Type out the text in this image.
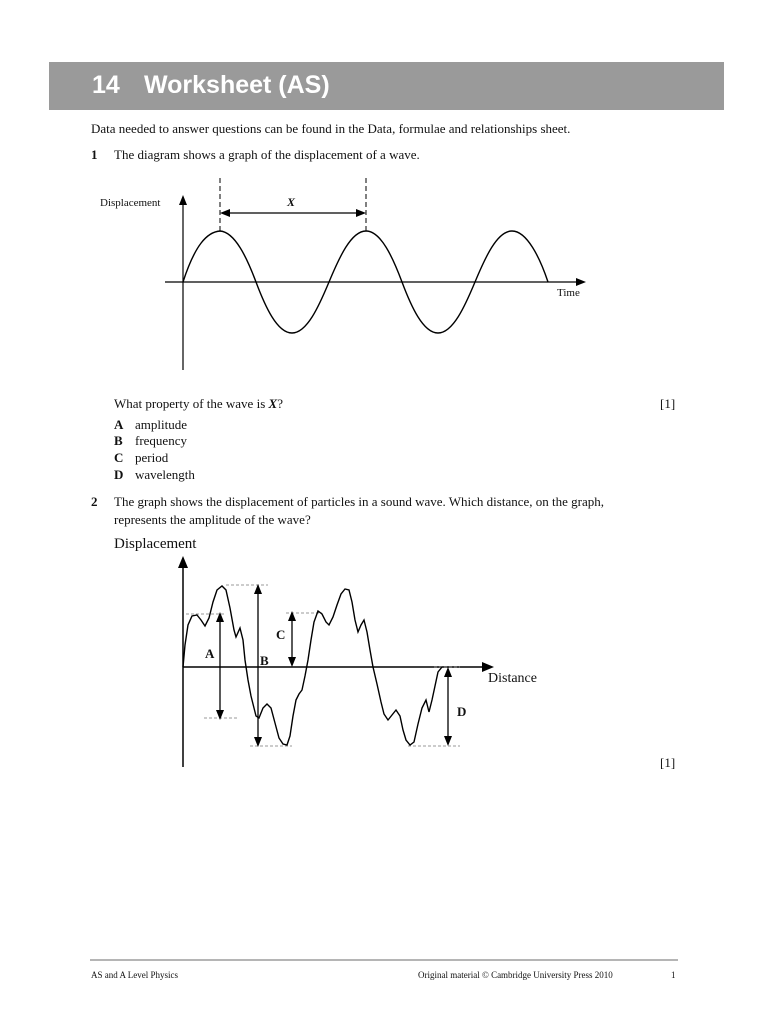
14 Worksheet (AS)
Data needed to answer questions can be found in the Data, formulae and relationships sheet.
1 The diagram shows a graph of the displacement of a wave.
Displacement
Time
X
What property of the wave is X?	[1]
A amplitude
B frequency
C period
D wavelength
2 The graph shows the displacement of particles in a sound wave. Which distance, on the graph,
represents the amplitude of the wave?
Displacement
Distance
A	B
C
D
[1]
AS and A Level Physics	Original material © Cambridge University Press 2010	1
